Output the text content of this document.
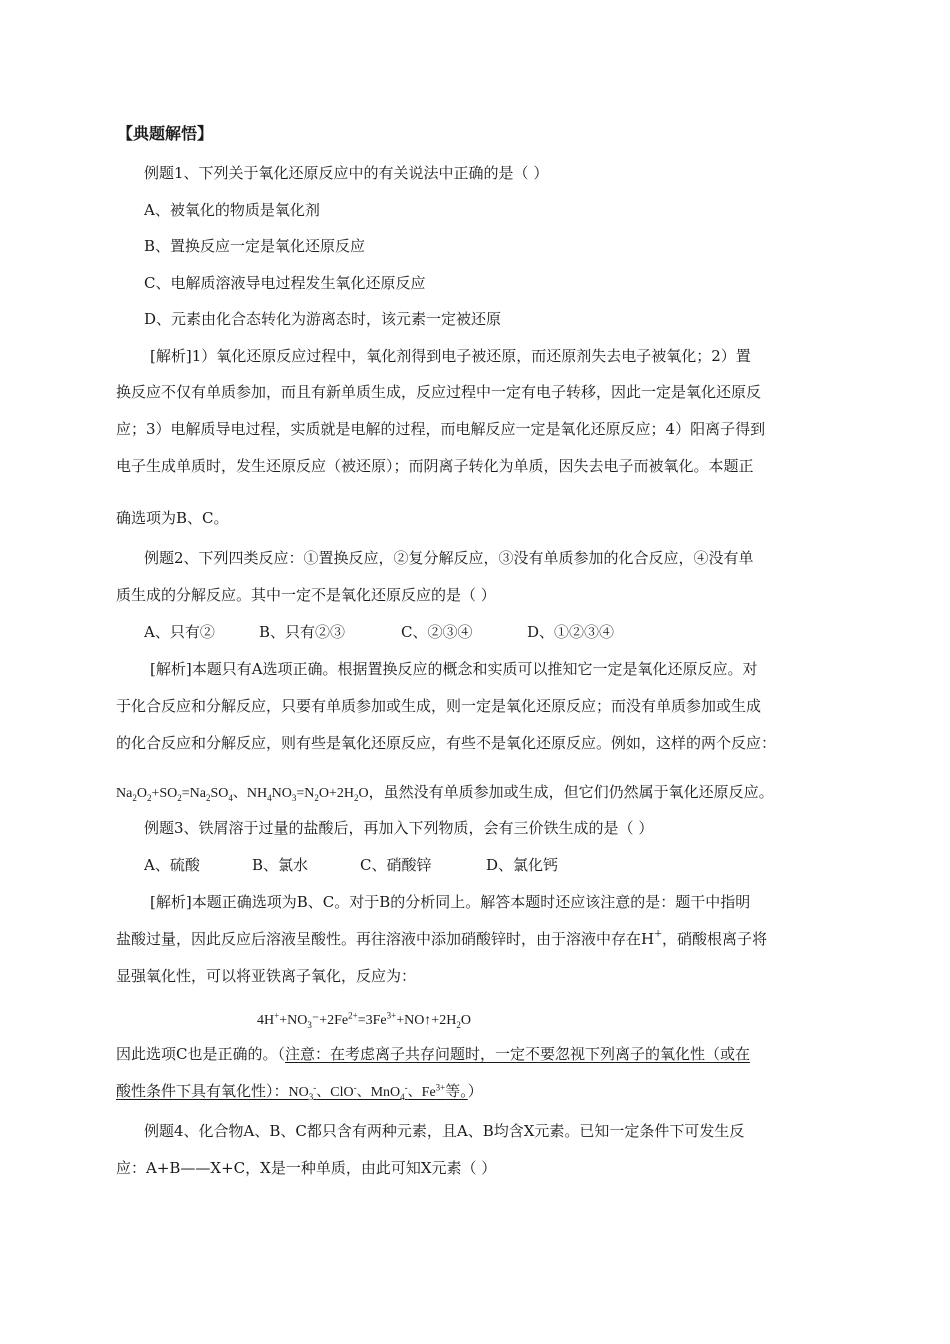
【典题解悟】
例题1、下列关于氧化还原反应中的有关说法中正确的是（ ）
A、被氧化的物质是氧化剂
B、置换反应一定是氧化还原反应
C、电解质溶液导电过程发生氧化还原反应
D、元素由化合态转化为游离态时，该元素一定被还原
[解析]1）氧化还原反应过程中，氧化剂得到电子被还原，而还原剂失去电子被氧化；2）置
换反应不仅有单质参加，而且有新单质生成，反应过程中一定有电子转移，因此一定是氧化还原反
应；3）电解质导电过程，实质就是电解的过程，而电解反应一定是氧化还原反应；4）阳离子得到
电子生成单质时，发生还原反应（被还原）；而阴离子转化为单质，因失去电子而被氧化。本题正
确选项为B、C。
例题2、下列四类反应：①置换反应，②复分解反应，③没有单质参加的化合反应，④没有单
质生成的分解反应。其中一定不是氧化还原反应的是（ ）
A、只有②	B、只有②③	C、②③④	D、①②③④
[解析]本题只有A选项正确。根据置换反应的概念和实质可以推知它一定是氧化还原反应。对
于化合反应和分解反应，只要有单质参加或生成，则一定是氧化还原反应；而没有单质参加或生成
的化合反应和分解反应，则有些是氧化还原反应，有些不是氧化还原反应。例如，这样的两个反应：
$Na_2O_2+SO_2=Na_2SO_4$、$NH_4NO_3=N_2O+2H_2O$，虽然没有单质参加或生成，但它们仍然属于氧化还原反应。
例题3、铁屑溶于过量的盐酸后，再加入下列物质，会有三价铁生成的是（ ）
A、硫酸	B、氯水	C、硝酸锌	D、氯化钙
[解析]本题正确选项为B、C。对于B的分析同上。解答本题时还应该注意的是：题干中指明
盐酸过量，因此反应后溶液呈酸性。再往溶液中添加硝酸锌时，由于溶液中存在H+，硝酸根离子将
显强氧化性，可以将亚铁离子氧化，反应为：
$4H^++NO_3^-+2Fe^{2+}=3Fe^{3+}+NO↑+2H_2O$
因此选项C也是正确的。（注意：在考虑离子共存问题时，一定不要忽视下列离子的氧化性（或在
酸性条件下具有氧化性）：$NO_3^-$、ClO-、MnO$_4$-、$Fe^{3+}$等。）
例题4、化合物A、B、C都只含有两种元素，且A、B均含X元素。已知一定条件下可发生反
应：A+B——X+C，X是一种单质，由此可知X元素（ ）
